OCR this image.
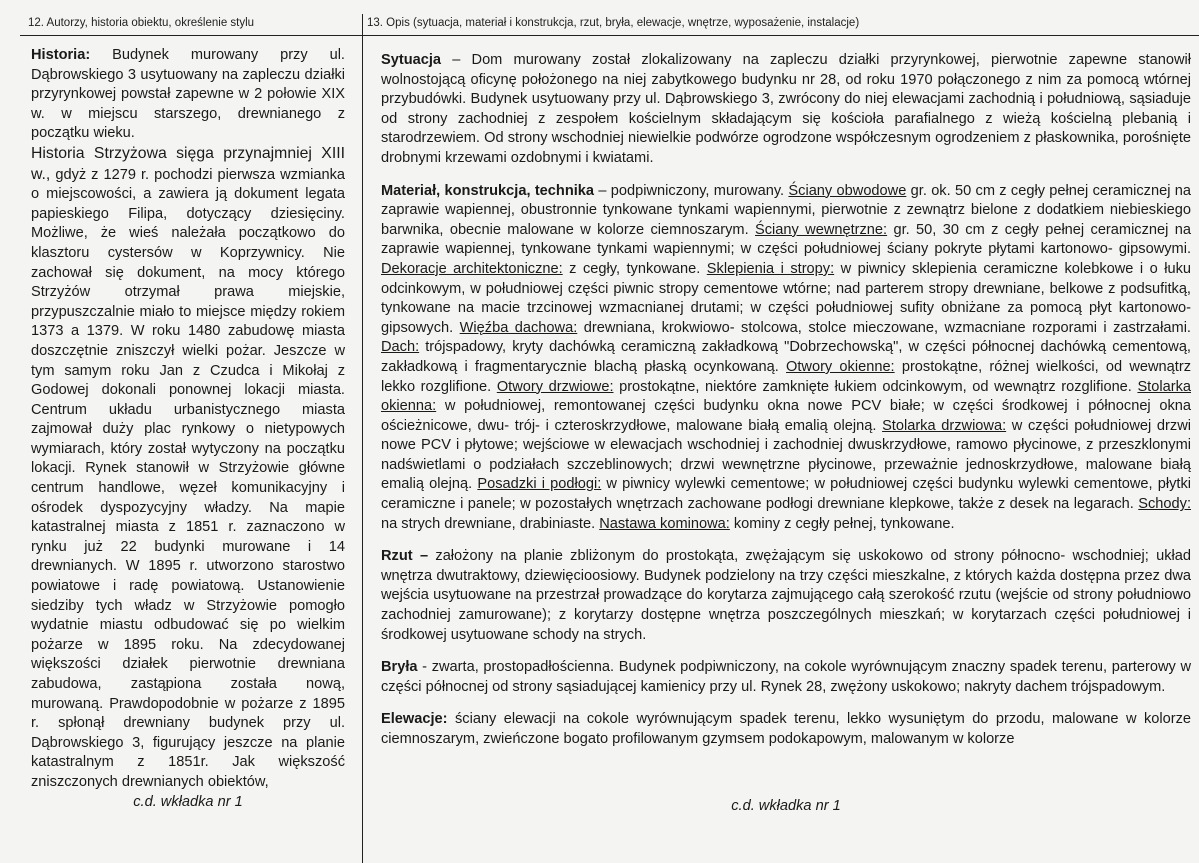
12. Autorzy, historia obiektu, określenie stylu	13. Opis (sytuacja, materiał i konstrukcja, rzut, bryła, elewacje, wnętrze, wyposażenie, instalacje)

Historia: Budynek murowany przy ul. Dąbrowskiego 3 usytuowany na zapleczu działki przyrynkowej powstał zapewne w 2 połowie XIX w. w miejscu starszego, drewnianego z początku wieku.

Historia Strzyżowa sięga przynajmniej XIII w., gdyż z 1279 r. pochodzi pierwsza wzmianka o miejscowości, a zawiera ją dokument legata papieskiego Filipa, dotyczący dziesięciny. Możliwe, że wieś należała początkowo do klasztoru cystersów w Koprzywnicy. Nie zachował się dokument, na mocy którego Strzyżów otrzymał prawa miejskie, przypuszczalnie miało to miejsce między rokiem 1373 a 1379. W roku 1480 zabudowę miasta doszczętnie zniszczył wielki pożar. Jeszcze w tym samym roku Jan z Czudca i Mikołaj z Godowej dokonali ponownej lokacji miasta. Centrum układu urbanistycznego miasta zajmował duży plac rynkowy o nietypowych wymiarach, który został wytyczony na początku lokacji. Rynek stanowił w Strzyżowie główne centrum handlowe, węzeł komunikacyjny i ośrodek dyspozycyjny władzy. Na mapie katastralnej miasta z 1851 r. zaznaczono w rynku już 22 budynki murowane i 14 drewnianych. W 1895 r. utworzono starostwo powiatowe i radę powiatową. Ustanowienie siedziby tych władz w Strzyżowie pomogło wydatnie miastu odbudować się po wielkim pożarze w 1895 roku. Na zdecydowanej większości działek pierwotnie drewniana zabudowa, zastąpiona została nową, murowaną. Prawdopodobnie w pożarze z 1895 r. spłonął drewniany budynek przy ul. Dąbrowskiego 3, figurujący jeszcze na planie katastralnym z 1851r. Jak większość zniszczonych drewnianych obiektów,

c.d. wkładka nr 1

Sytuacja – Dom murowany został zlokalizowany na zapleczu działki przyrynkowej, pierwotnie zapewne stanowił wolnostojącą oficynę położonego na niej zabytkowego budynku nr 28, od roku 1970 połączonego z nim za pomocą wtórnej przybudówki. Budynek usytuowany przy ul. Dąbrowskiego 3, zwrócony do niej elewacjami zachodnią i południową, sąsiaduje od strony zachodniej z zespołem kościelnym składającym się kościoła parafialnego z wieżą kościelną plebanią i starodrzewiem. Od strony wschodniej niewielkie podwórze ogrodzone współczesnym ogrodzeniem z płaskownika, porośnięte drobnymi krzewami ozdobnymi i kwiatami.

Materiał, konstrukcja, technika – podpiwniczony, murowany. Ściany obwodowe gr. ok. 50 cm z cegły pełnej ceramicznej na zaprawie wapiennej, obustronnie tynkowane tynkami wapiennymi, pierwotnie z zewnątrz bielone z dodatkiem niebieskiego barwnika, obecnie malowane w kolorze ciemnoszarym. Ściany wewnętrzne: gr. 50, 30 cm z cegły pełnej ceramicznej na zaprawie wapiennej, tynkowane tynkami wapiennymi; w części południowej ściany pokryte płytami kartonowo- gipsowymi. Dekoracje architektoniczne: z cegły, tynkowane. Sklepienia i stropy: w piwnicy sklepienia ceramiczne kolebkowe i o łuku odcinkowym, w południowej części piwnic stropy cementowe wtórne; nad parterem stropy drewniane, belkowe z podsufitką, tynkowane na macie trzcinowej wzmacnianej drutami; w części południowej sufity obniżane za pomocą płyt kartonowo- gipsowych. Więźba dachowa: drewniana, krokwiowo- stolcowa, stolce mieczowane, wzmacniane rozporami i zastrzałami. Dach: trójspadowy, kryty dachówką ceramiczną zakładkową "Dobrzechowską", w części północnej dachówką cementową, zakładkową i fragmentarycznie blachą płaską ocynkowaną. Otwory okienne: prostokątne, różnej wielkości, od wewnątrz lekko rozglifione. Otwory drzwiowe: prostokątne, niektóre zamknięte łukiem odcinkowym, od wewnątrz rozglifione. Stolarka okienna: w południowej, remontowanej części budynku okna nowe PCV białe; w części środkowej i północnej okna ościeżnicowe, dwu- trój- i czteroskrzydłowe, malowane białą emalią olejną. Stolarka drzwiowa: w części południowej drzwi nowe PCV i płytowe; wejściowe w elewacjach wschodniej i zachodniej dwuskrzydłowe, ramowo płycinowe, z przeszklonymi nadświetlami o podziałach szczeblinowych; drzwi wewnętrzne płycinowe, przeważnie jednoskrzydłowe, malowane białą emalią olejną. Posadzki i podłogi: w piwnicy wylewki cementowe; w południowej części budynku wylewki cementowe, płytki ceramiczne i panele; w pozostałych wnętrzach zachowane podłogi drewniane klepkowe, także z desek na legarach. Schody: na strych drewniane, drabiniaste. Nastawa kominowa: kominy z cegły pełnej, tynkowane.

Rzut – założony na planie zbliżonym do prostokąta, zwężającym się uskokowo od strony północno- wschodniej; układ wnętrza dwutraktowy, dziewięcioosiowy. Budynek podzielony na trzy części mieszkalne, z których każda dostępna przez dwa wejścia usytuowane na przestrzał prowadzące do korytarza zajmującego całą szerokość rzutu (wejście od strony południowo zachodniej zamurowane); z korytarzy dostępne wnętrza poszczególnych mieszkań; w korytarzach części południowej i środkowej usytuowane schody na strych.

Bryła - zwarta, prostopadłościenna. Budynek podpiwniczony, na cokole wyrównującym znaczny spadek terenu, parterowy w części północnej od strony sąsiadującej kamienicy przy ul. Rynek 28, zwężony uskokowo; nakryty dachem trójspadowym.

Elewacje: ściany elewacji na cokole wyrównującym spadek terenu, lekko wysuniętym do przodu, malowane w kolorze ciemnoszarym, zwieńczone bogato profilowanym gzymsem podokapowym, malowanym w kolorze

c.d. wkładka nr 1
